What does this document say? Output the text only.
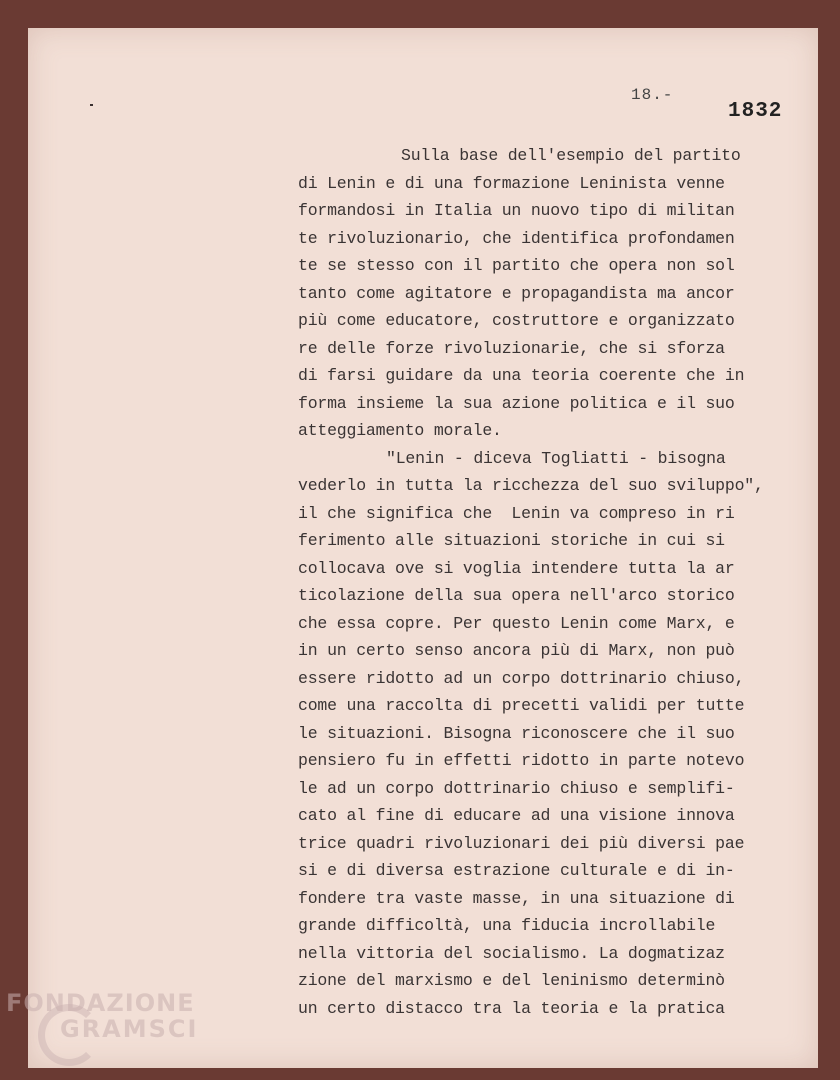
18.-
1832
Sulla base dell'esempio del partito
di Lenin e di una formazione Leninista venne
formandosi in Italia un nuovo tipo di militan
te rivoluzionario, che identifica profondamen
te se stesso con il partito che opera non sol
tanto come agitatore e propagandista ma ancor
più come educatore, costruttore e organizzato
re delle forze rivoluzionarie, che si sforza
di farsi guidare da una teoria coerente che in
forma insieme la sua azione politica e il suo
atteggiamento morale.
"Lenin - diceva Togliatti - bisogna
vederlo in tutta la ricchezza del suo sviluppo",
il che significa che  Lenin va compreso in ri
ferimento alle situazioni storiche in cui si
collocava ove si voglia intendere tutta la ar
ticolazione della sua opera nell'arco storico
che essa copre. Per questo Lenin come Marx, e
in un certo senso ancora più di Marx, non può
essere ridotto ad un corpo dottrinario chiuso,
come una raccolta di precetti validi per tutte
le situazioni. Bisogna riconoscere che il suo
pensiero fu in effetti ridotto in parte notevo
le ad un corpo dottrinario chiuso e semplifi-
cato al fine di educare ad una visione innova
trice quadri rivoluzionari dei più diversi pae
si e di diversa estrazione culturale e di in-
fondere tra vaste masse, in una situazione di
grande difficoltà, una fiducia incrollabile
nella vittoria del socialismo. La dogmatizaz
zione del marxismo e del leninismo determinò
un certo distacco tra la teoria e la pratica
FONDAZIONE
GRAMSCI
